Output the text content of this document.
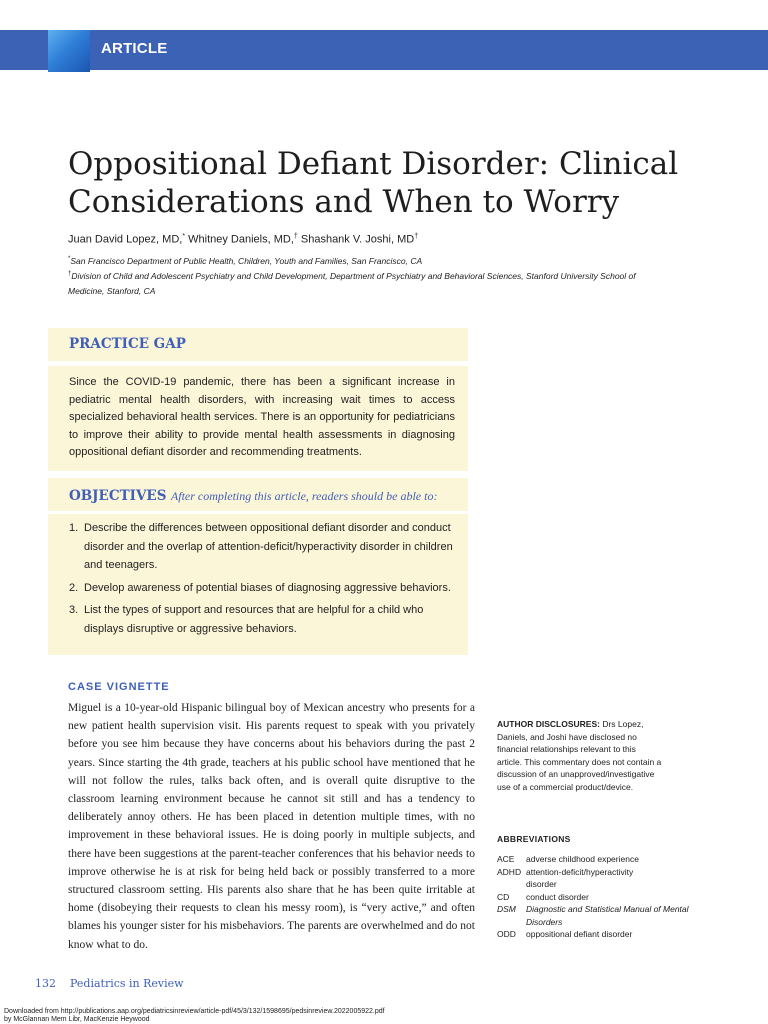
ARTICLE
Oppositional Defiant Disorder: Clinical
Considerations and When to Worry
Juan David Lopez, MD,* Whitney Daniels, MD,† Shashank V. Joshi, MD†
*San Francisco Department of Public Health, Children, Youth and Families, San Francisco, CA
†Division of Child and Adolescent Psychiatry and Child Development, Department of Psychiatry and Behavioral Sciences, Stanford University School of
Medicine, Stanford, CA
PRACTICE GAP
Since the COVID-19 pandemic, there has been a significant increase in pediatric mental health disorders, with increasing wait times to access specialized behavioral health services. There is an opportunity for pediatricians to improve their ability to provide mental health assessments in diagnosing oppositional defiant disorder and recommending treatments.
OBJECTIVES After completing this article, readers should be able to:
1. Describe the differences between oppositional defiant disorder and conduct disorder and the overlap of attention-deficit/hyperactivity disorder in children and teenagers.
2. Develop awareness of potential biases of diagnosing aggressive behaviors.
3. List the types of support and resources that are helpful for a child who displays disruptive or aggressive behaviors.
CASE VIGNETTE
Miguel is a 10-year-old Hispanic bilingual boy of Mexican ancestry who presents for a new patient health supervision visit. His parents request to speak with you privately before you see him because they have concerns about his behaviors during the past 2 years. Since starting the 4th grade, teachers at his public school have mentioned that he will not follow the rules, talks back often, and is overall quite disruptive to the classroom learning environment because he cannot sit still and has a tendency to deliberately annoy others. He has been placed in detention multiple times, with no improvement in these behavioral issues. He is doing poorly in multiple subjects, and there have been suggestions at the parent-teacher conferences that his behavior needs to improve otherwise he is at risk for being held back or possibly transferred to a more structured classroom setting. His parents also share that he has been quite irritable at home (disobeying their requests to clean his messy room), is “very active,” and often blames his younger sister for his misbehaviors. The parents are overwhelmed and do not know what to do.
AUTHOR DISCLOSURES: Drs Lopez, Daniels, and Joshi have disclosed no financial relationships relevant to this article. This commentary does not contain a discussion of an unapproved/investigative use of a commercial product/device.
ABBREVIATIONS
ACE adverse childhood experience
ADHD attention-deficit/hyperactivity disorder
CD conduct disorder
DSM Diagnostic and Statistical Manual of Mental Disorders
ODD oppositional defiant disorder
132 Pediatrics in Review
Downloaded from http://publications.aap.org/pediatricsinreview/article-pdf/45/3/132/1598695/pedsinreview.2022005922.pdf
by McGlannan Mem Libr, MacKenzie Heywood
